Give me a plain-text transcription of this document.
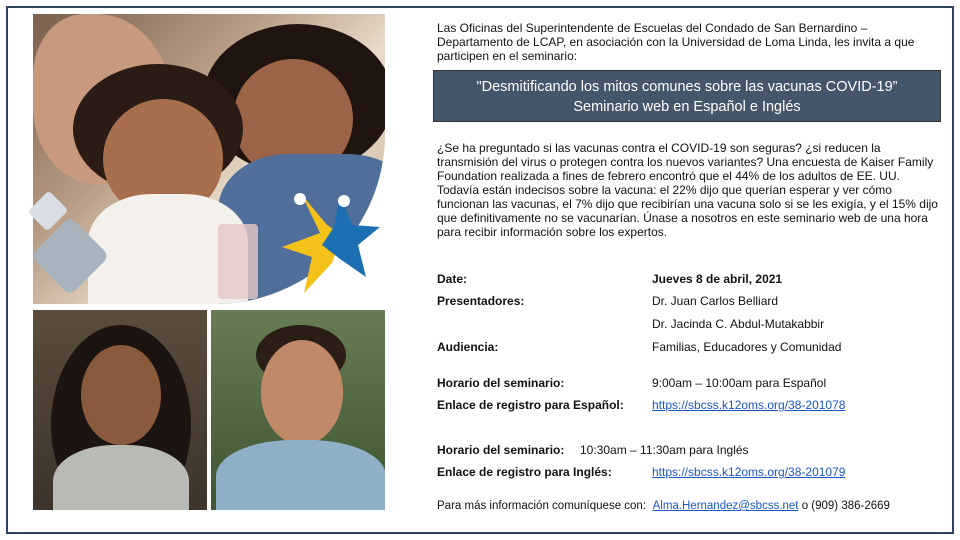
Las Oficinas del Superintendente de Escuelas del Condado de San Bernardino – Departamento de LCAP, en asociación con la Universidad de Loma Linda, les invita a que participen en el seminario:
"Desmitificando los mitos comunes sobre las vacunas COVID-19”
Seminario web en Español e Inglés
¿Se ha preguntado si las vacunas contra el COVID-19 son seguras? ¿si reducen la transmisión del virus o protegen contra los nuevos variantes? Una encuesta de Kaiser Family Foundation realizada a fines de febrero encontró que el 44% de los adultos de EE. UU. Todavía están indecisos sobre la vacuna: el 22% dijo que querían esperar y ver cómo funcionan las vacunas, el 7% dijo que recibirían una vacuna solo si se les exigía, y el 15% dijo que definitivamente no se vacunarían. Únase a nosotros en este seminario web de una hora para recibir información sobre los expertos.
Date:	Jueves 8 de abril, 2021
Presentadores:	Dr. Juan Carlos Belliard
Dr. Jacinda C. Abdul-Mutakabbir
Audiencia:	Familias, Educadores y Comunidad
Horario del seminario:	9:00am – 10:00am para Español
Enlace de registro para Español: https://sbcss.k12oms.org/38-201078
Horario del seminario: 10:30am – 11:30am para Inglés
Enlace de registro para Inglés:	https://sbcss.k12oms.org/38-201079
Para más información comuníquese con: Alma.Hernandez@sbcss.net o (909) 386-2669
